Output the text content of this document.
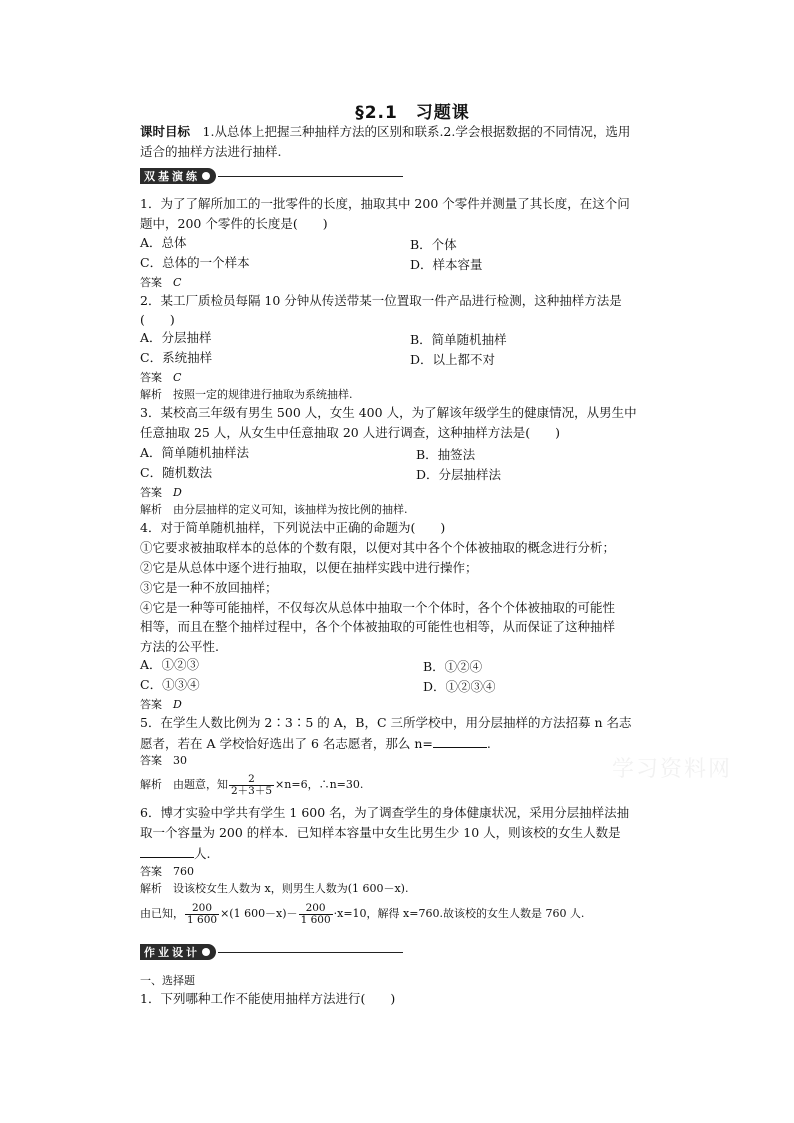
§2.1　习题课
课时目标　 1.从总体上把握三种抽样方法的区别和联系.2.学会根据数据的不同情况，选用
适合的抽样方法进行抽样.
双基演练
1．为了了解所加工的一批零件的长度，抽取其中 200 个零件并测量了其长度，在这个问
题中，200 个零件的长度是(　　)
A．总体	B．个体
C．总体的一个样本	D．样本容量
答案　 C
2．某工厂质检员每隔 10 分钟从传送带某一位置取一件产品进行检测，这种抽样方法是
(　　)
A．分层抽样	B．简单随机抽样
C．系统抽样	D．以上都不对
答案　 C
解析　 按照一定的规律进行抽取为系统抽样.
3．某校高三年级有男生 500 人，女生 400 人，为了解该年级学生的健康情况，从男生中
任意抽取 25 人，从女生中任意抽取 20 人进行调查，这种抽样方法是(　　)
A．简单随机抽样法	B．抽签法
C．随机数法	D．分层抽样法
答案　 D
解析　 由分层抽样的定义可知，该抽样为按比例的抽样.
4．对于简单随机抽样，下列说法中正确的命题为(　　)
①它要求被抽取样本的总体的个数有限，以便对其中各个个体被抽取的概念进行分析；
②它是从总体中逐个进行抽取，以便在抽样实践中进行操作；
③它是一种不放回抽样；
④它是一种等可能抽样，不仅每次从总体中抽取一个个体时，各个个体被抽取的可能性
相等，而且在整个抽样过程中，各个个体被抽取的可能性也相等，从而保证了这种抽样
方法的公平性.
A．①②③	B．①②④
C．①③④	D．①②③④
答案　 D
5．在学生人数比例为 2∶3∶5 的 A，B，C 三所学校中，用分层抽样的方法招募 n 名志
愿者，若在 A 学校恰好选出了 6 名志愿者，那么 n=	.
答案　 30
解析　 由题意，知 $\frac{2}{2+3+5} \times n=6$，∴n=30.
6．博才实验中学共有学生 1 600 名，为了调查学生的身体健康状况，采用分层抽样法抽
取一个容量为 200 的样本．已知样本容量中女生比男生少 10 人，则该校的女生人数是
人.
答案　 760
解析　 设该校女生人数为 x，则男生人数为(1 600－x).
由已知， $\frac{200}{1 600} \times(1$ $600-x)- \frac{200}{1 600} \cdot x=10$，解得 x=760.故该校的女生人数是 760 人.
作业设计
一、选择题
1．下列哪种工作不能使用抽样方法进行(　　)
学习资料网
